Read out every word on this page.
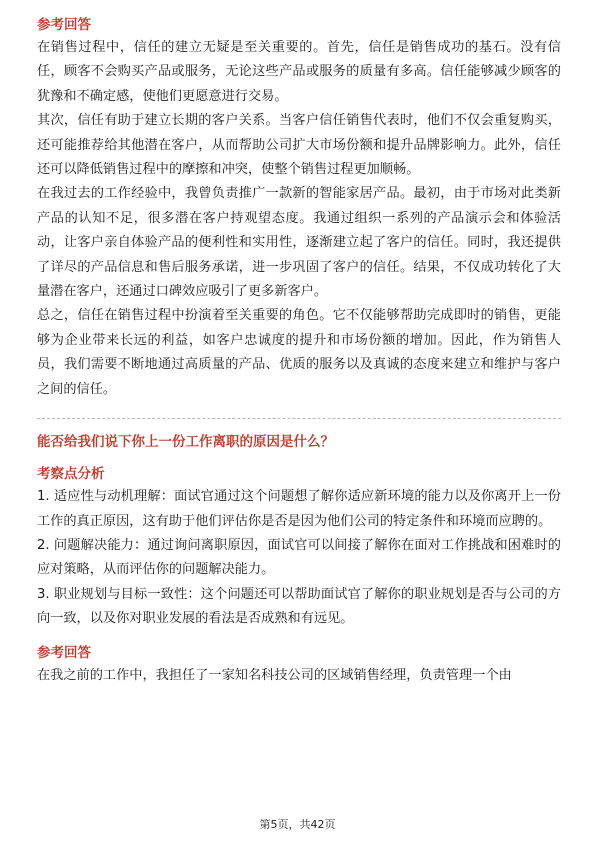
参考回答

在销售过程中，信任的建立无疑是至关重要的。首先，信任是销售成功的基石。没有信任，顾客不会购买产品或服务，无论这些产品或服务的质量有多高。信任能够减少顾客的犹豫和不确定感，使他们更愿意进行交易。

其次，信任有助于建立长期的客户关系。当客户信任销售代表时，他们不仅会重复购买，还可能推荐给其他潜在客户，从而帮助公司扩大市场份额和提升品牌影响力。此外，信任还可以降低销售过程中的摩擦和冲突，使整个销售过程更加顺畅。

在我过去的工作经验中，我曾负责推广一款新的智能家居产品。最初，由于市场对此类新产品的认知不足，很多潜在客户持观望态度。我通过组织一系列的产品演示会和体验活动，让客户亲自体验产品的便利性和实用性，逐渐建立起了客户的信任。同时，我还提供了详尽的产品信息和售后服务承诺，进一步巩固了客户的信任。结果，不仅成功转化了大量潜在客户，还通过口碑效应吸引了更多新客户。

总之，信任在销售过程中扮演着至关重要的角色。它不仅能够帮助完成即时的销售，更能够为企业带来长远的利益，如客户忠诚度的提升和市场份额的增加。因此，作为销售人员，我们需要不断地通过高质量的产品、优质的服务以及真诚的态度来建立和维护与客户之间的信任。

能否给我们说下你上一份工作离职的原因是什么？

考察点分析

1. 适应性与动机理解：面试官通过这个问题想了解你适应新环境的能力以及你离开上一份工作的真正原因，这有助于他们评估你是否是因为他们公司的特定条件和环境而应聘的。

2. 问题解决能力：通过询问离职原因，面试官可以间接了解你在面对工作挑战和困难时的应对策略，从而评估你的问题解决能力。

3. 职业规划与目标一致性：这个问题还可以帮助面试官了解你的职业规划是否与公司的方向一致，以及你对职业发展的看法是否成熟和有远见。

参考回答

在我之前的工作中，我担任了一家知名科技公司的区域销售经理，负责管理一个由

第5页，共42页
